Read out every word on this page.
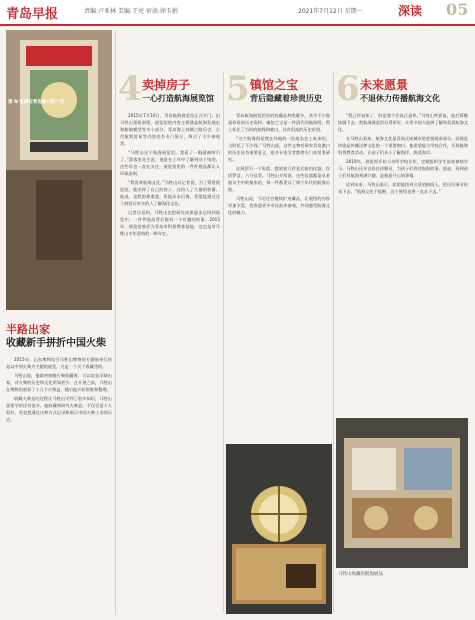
青岛早报	责编:卢亚林 美编:王亮 审读:徐玉娟	2021年7月12日 星期一	深读 05
第 N 张漂在青岛港口的广告
半路出家
收藏新手拼折中国火柴

2015年，山东博物馆引马牲山博物馆专题展举行的是以中国火柴为主题的展览，这是一个关于收藏里的。

马牲山说，他最初接触火柴收藏时，可以说是半路出家，对火柴的历史和文化所知甚少。在开展之前，马牲山在博物馆观看了十几个火柴盒，随后他开始收集和整理。

收藏火柴盒的过程让马牲山学到了很多知识，马牲山说要学的还有很多。他收藏和研究火柴盒，不仅仅是个人爱好，更是想通过这种方式记录和展示中国火柴工业的历史。

4 卖掉房子
一心打造航海展览馆

2015年7月10日，青岛航海展览馆正式开门。由马牲山领衔创建，展览馆的内容主要涵盖航海发展史和船舶模型等多个部分，青岛海上丝绸之路历史、古代航海贸易等内容也有专门展示，吸引了不少参观者。

“马牲山这个航海展览馆，我看了一眼就被吸引了。”游客张先生说，他是在工作中了解到这个馆的，这些年也一直在关注，展览馆里的一件件展品都让人印象深刻。

“我喜欢航海文化。”马牲山对记者说，为了筹建展览馆，他卖掉了自己的房子，还投入了大量的积蓄。他说，虽然困难重重，但他从未后悔，希望能通过这个展馆让更多的人了解海洋文化。

记者注意到，马牲山也把研究成果逐步运用到展览中，一件件展品背后都有一个有趣的故事。2015年，展览馆被评为青岛市科普教育基地，这也是对马牲山多年坚持的一种肯定。

5 镇馆之宝
背后隐藏着珍贵历史

青岛航海展览馆里的收藏品种类繁多，其中不少都是珍贵的历史资料。镇馆之宝是一件清代的航海图，图上标注了当时的航线和港口，具有很高的历史价值。

“这个航海图是我在外地的一次拍卖会上收来的，当时花了不少钱。”马牲山说，这件文物对研究青岛港口的历史具有重要意义，很多专家学者都曾专门来馆里研究。

在展馆另一个角落，摆放着几件老式船用仪器，包括罗盘、六分仪等。马牲山介绍说，这些仪器都是从老船员手中收集来的，每一件都见证了那个年代的航海历程。

马牲山说，今后还会继续扩充藏品，让展馆的内容更加丰富，也欢迎更多市民前来参观，共同感受航海文化的魅力。

6 未来愿景
不退休力传播航海文化

“我已经退休了，但是我不会真正退休。”马牲山笑着说，他打算继续做下去，把航海展览馆办得更好，让更多的人能够了解和喜爱航海文化。

在马牲山看来，航海文化是青岛这座城市的重要组成部分，而展览馆就是传播这种文化的一个重要窗口。他希望能与学校合作，开展航海科普教育活动，让孩子们从小了解海洋、热爱海洋。

2019年，展览馆开始与多所学校合作，定期组织学生前来参观学习。马牲山还亲自担任讲解员，为孩子们讲述航海故事。他说，看到孩子们对航海充满兴趣，是他最开心的事情。

谈到未来，马牲山表示，希望能找到合适的接班人，把这份事业传承下去。“航海文化不能断，这个展馆也要一直办下去。”

马牲山收藏的航海展品
